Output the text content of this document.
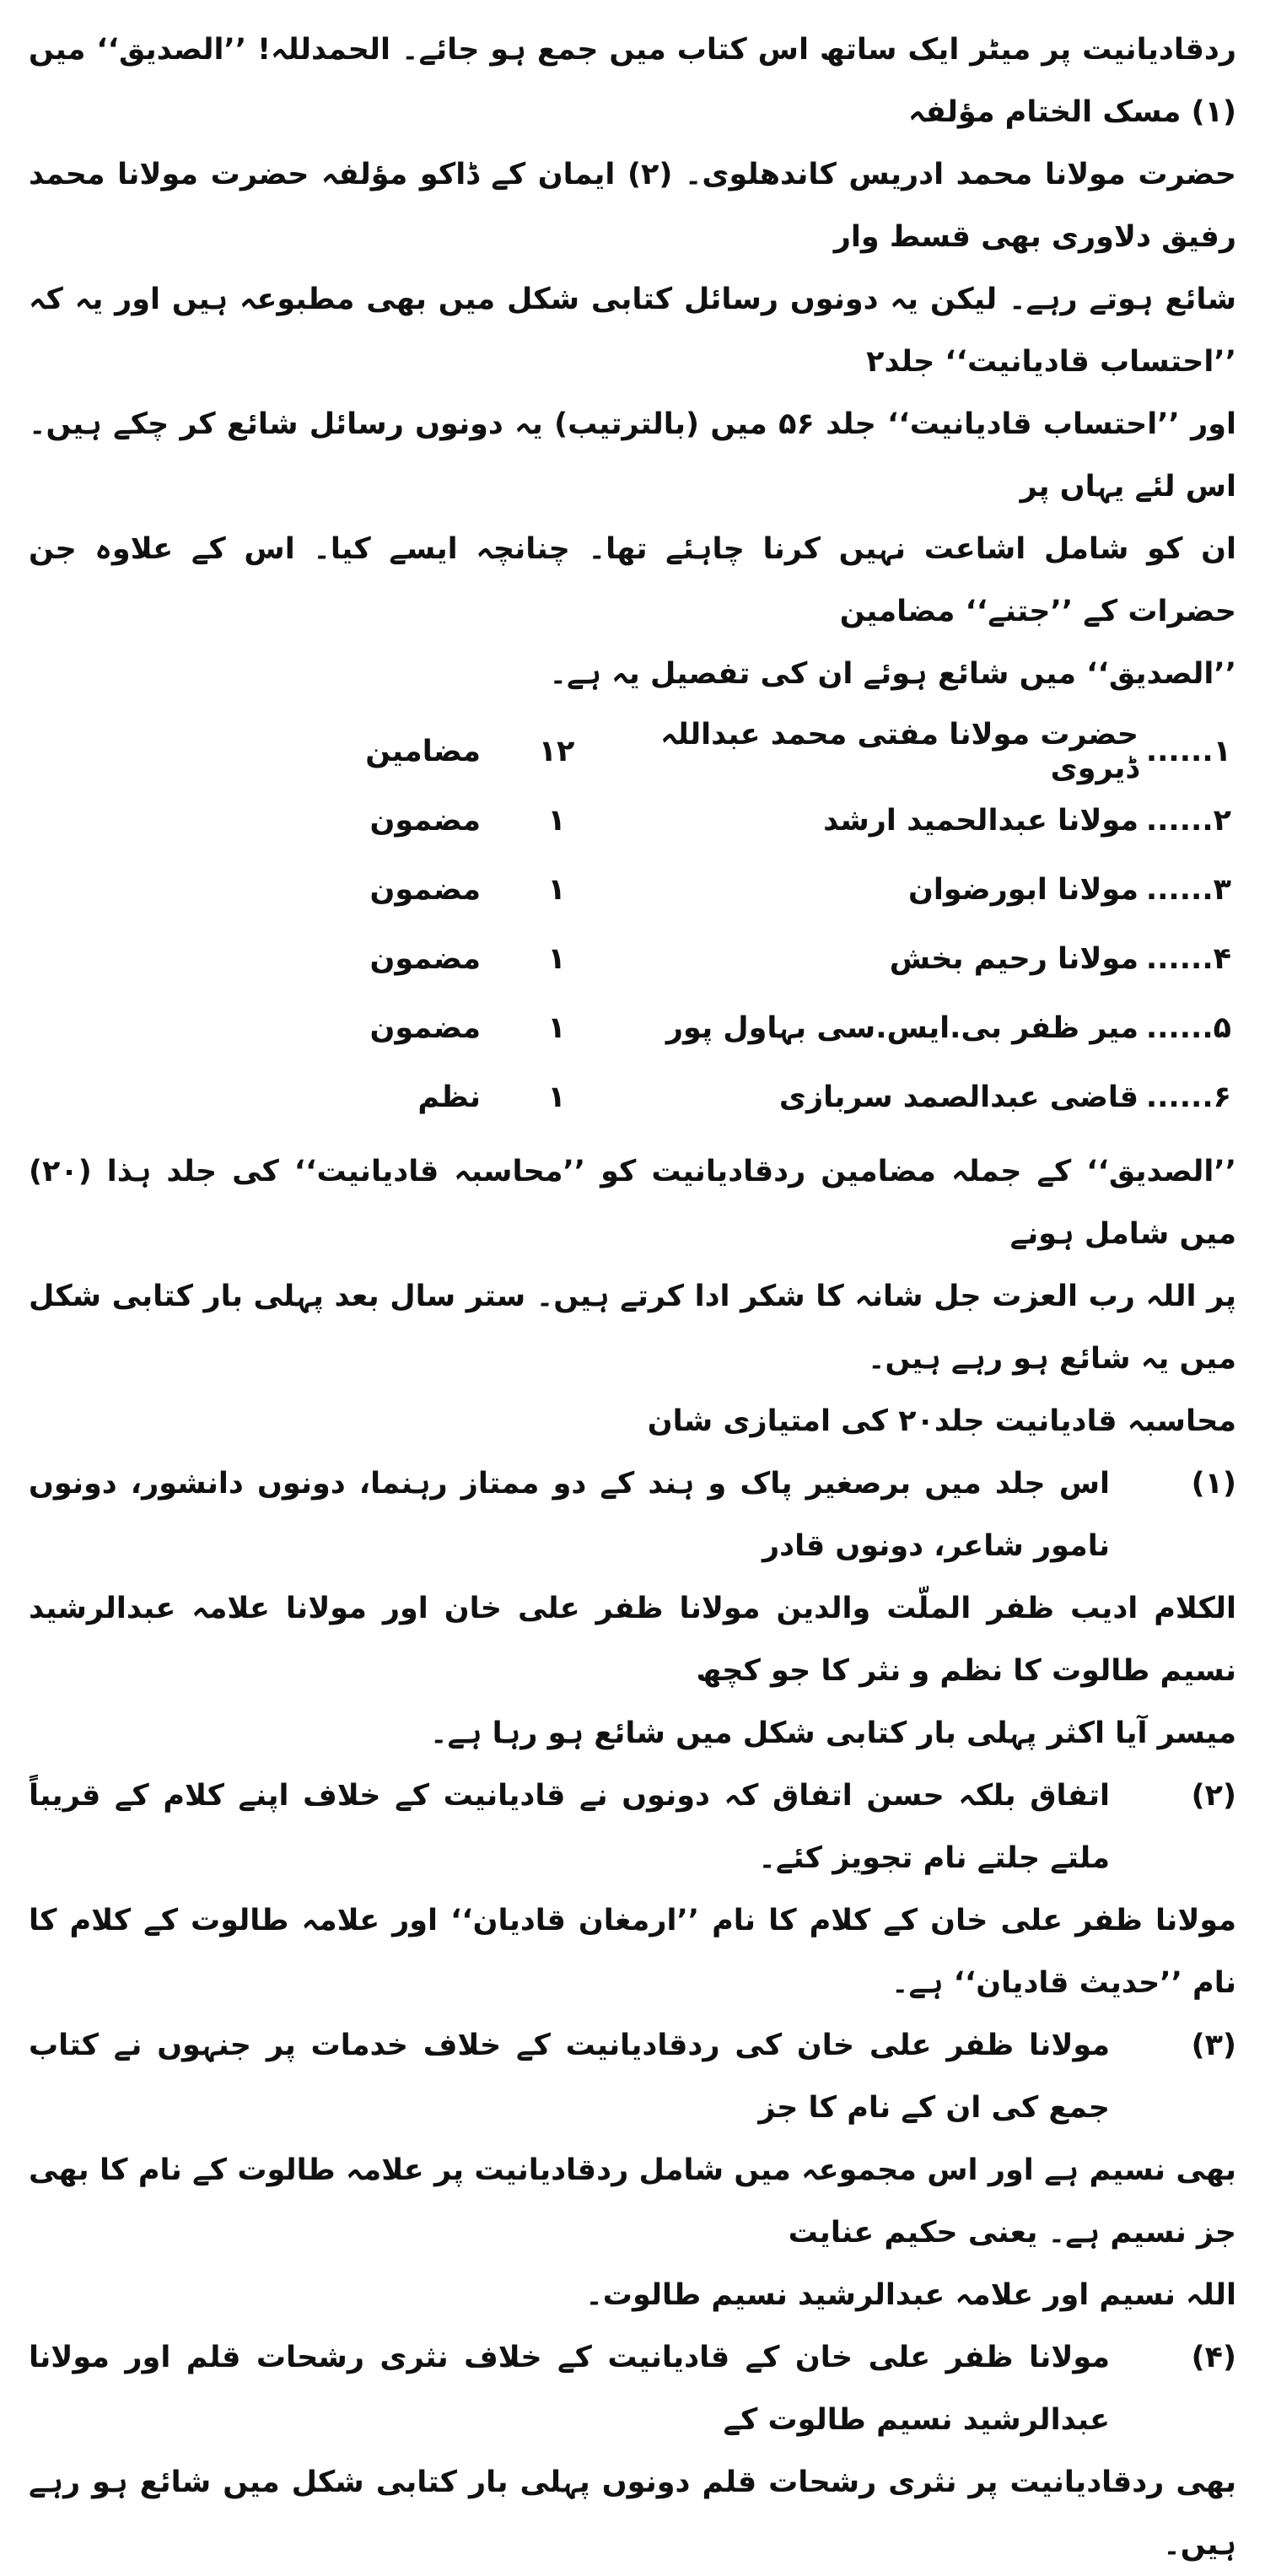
ردقادیانیت پر میٹر ایک ساتھ اس کتاب میں جمع ہو جائے۔ الحمدللہ! ’’الصدیق‘‘ میں (۱) مسک الختام مؤلفہ

حضرت مولانا محمد ادریس کاندھلوی۔ (۲) ایمان کے ڈاکو مؤلفہ حضرت مولانا محمد رفیق دلاوری بھی قسط وار

شائع ہوتے رہے۔ لیکن یہ دونوں رسائل کتابی شکل میں بھی مطبوعہ ہیں اور یہ کہ ’’احتساب قادیانیت‘‘ جلد۲

اور ’’احتساب قادیانیت‘‘ جلد ۵۶ میں (بالترتیب) یہ دونوں رسائل شائع کر چکے ہیں۔ اس لئے یہاں پر

ان کو شامل اشاعت نہیں کرنا چاہئے تھا۔ چنانچہ ایسے کیا۔ اس کے علاوہ جن حضرات کے ’’جتنے‘‘ مضامین

’’الصدیق‘‘ میں شائع ہوئے ان کی تفصیل یہ ہے۔

۱......
حضرت مولانا مفتی محمد عبداللہ ڈیروی
۱۲
مضامین
۲......
مولانا عبدالحمید ارشد
۱
مضمون
۳......
مولانا ابورضوان
۱
مضمون
۴......
مولانا رحیم بخش
۱
مضمون
۵......
میر ظفر بی.ایس.سی بہاول پور
۱
مضمون
۶......
قاضی عبدالصمد سربازی
۱
نظم

’’الصدیق‘‘ کے جملہ مضامین ردقادیانیت کو ’’محاسبہ قادیانیت‘‘ کی جلد ہذا (۲۰) میں شامل ہونے

پر اللہ رب العزت جل شانہ کا شکر ادا کرتے ہیں۔ ستر سال بعد پہلی بار کتابی شکل میں یہ شائع ہو رہے ہیں۔

محاسبہ قادیانیت جلد۲۰ کی امتیازی شان

(۱)

اس جلد میں برصغیر پاک و ہند کے دو ممتاز رہنما، دونوں دانشور، دونوں نامور شاعر، دونوں قادر

الکلام ادیب ظفر الملّت والدین مولانا ظفر علی خان اور مولانا علامہ عبدالرشید نسیم طالوت کا نظم و نثر کا جو کچھ

میسر آیا اکثر پہلی بار کتابی شکل میں شائع ہو رہا ہے۔

(۲)

اتفاق بلکہ حسن اتفاق کہ دونوں نے قادیانیت کے خلاف اپنے کلام کے قریباً ملتے جلتے نام تجویز کئے۔

مولانا ظفر علی خان کے کلام کا نام ’’ارمغان قادیان‘‘ اور علامہ طالوت کے کلام کا نام ’’حدیث قادیان‘‘ ہے۔

(۳)

مولانا ظفر علی خان کی ردقادیانیت کے خلاف خدمات پر جنہوں نے کتاب جمع کی ان کے نام کا جز

بھی نسیم ہے اور اس مجموعہ میں شامل ردقادیانیت پر علامہ طالوت کے نام کا بھی جز نسیم ہے۔ یعنی حکیم عنایت

اللہ نسیم اور علامہ عبدالرشید نسیم طالوت۔

(۴)

مولانا ظفر علی خان کے قادیانیت کے خلاف نثری رشحات قلم اور مولانا عبدالرشید نسیم طالوت کے

بھی ردقادیانیت پر نثری رشحات قلم دونوں پہلی بار کتابی شکل میں شائع ہو رہے ہیں۔
